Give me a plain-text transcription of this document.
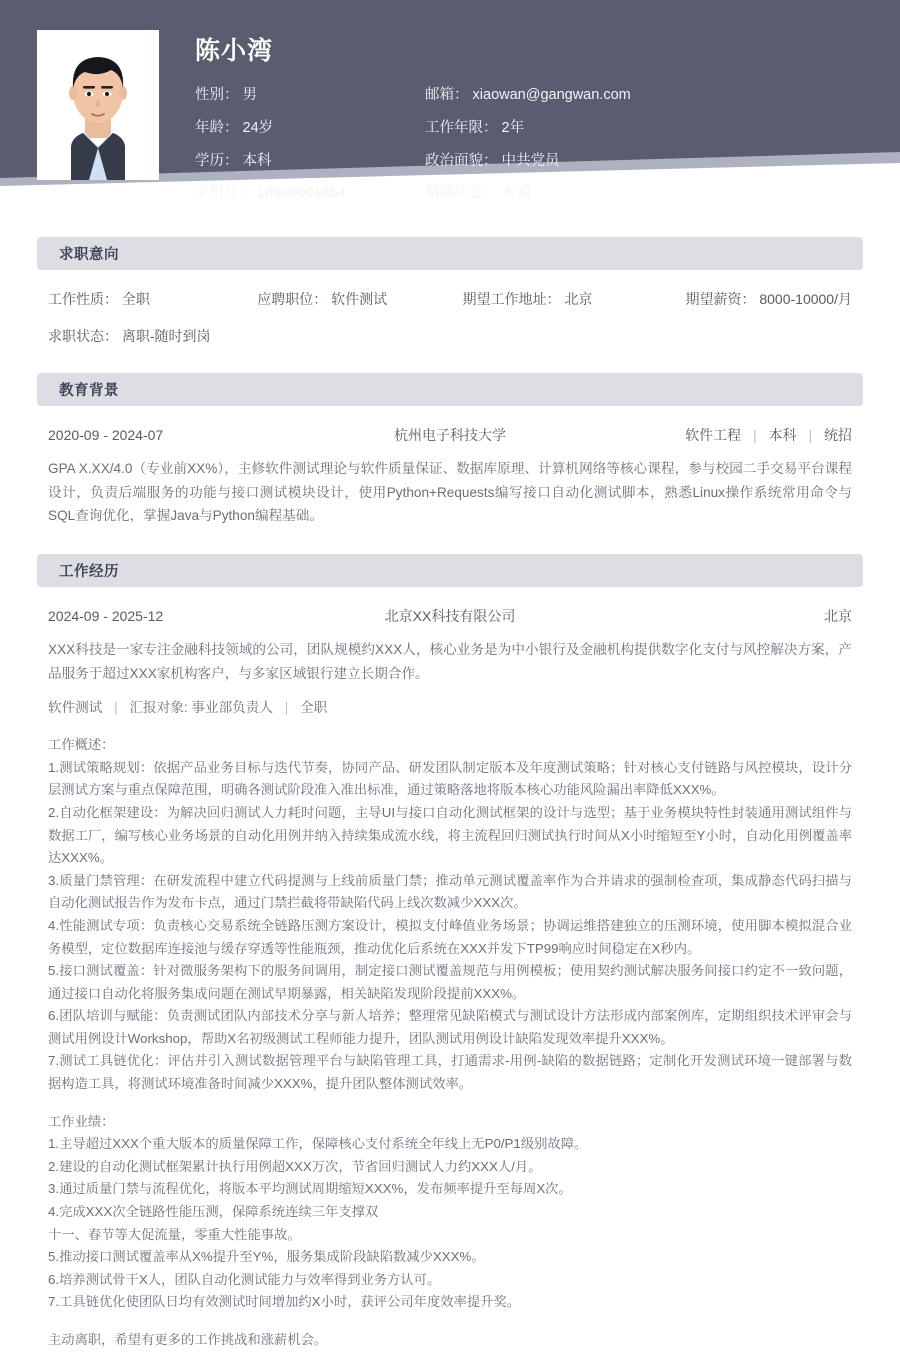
陈小湾
性别： 男	邮箱： xiaowan@gangwan.com
年龄： 24岁	工作年限： 2年
学历： 本科	政治面貌： 中共党员
手机号： 18600001654	婚姻状态： 未婚
求职意向
工作性质： 全职	应聘职位： 软件测试	期望工作地址： 北京	期望薪资： 8000-10000/月
求职状态： 离职-随时到岗
教育背景
2020-09 - 2024-07	杭州电子科技大学	软件工程 | 本科 | 统招
GPA X.XX/4.0（专业前XX%），主修软件测试理论与软件质量保证、数据库原理、计算机网络等核心课程，参与校园二手交易平台课程设计，负责后端服务的功能与接口测试模块设计，使用Python+Requests编写接口自动化测试脚本，熟悉Linux操作系统常用命令与SQL查询优化，掌握Java与Python编程基础。
工作经历
2024-09 - 2025-12	北京XX科技有限公司	北京
XXX科技是一家专注金融科技领域的公司，团队规模约XXX人，核心业务是为中小银行及金融机构提供数字化支付与风控解决方案，产品服务于超过XXX家机构客户，与多家区域银行建立长期合作。
软件测试 | 汇报对象: 事业部负责人 | 全职

工作概述：

1.测试策略规划：依据产品业务目标与迭代节奏，协同产品、研发团队制定版本及年度测试策略；针对核心支付链路与风控模块，设计分层测试方案与重点保障范围，明确各测试阶段准入准出标准，通过策略落地将版本核心功能风险漏出率降低XXX%。

2.自动化框架建设：为解决回归测试人力耗时问题，主导UI与接口自动化测试框架的设计与选型；基于业务模块特性封装通用测试组件与数据工厂，编写核心业务场景的自动化用例并纳入持续集成流水线，将主流程回归测试执行时间从X小时缩短至Y小时，自动化用例覆盖率达XXX%。

3.质量门禁管理：在研发流程中建立代码提测与上线前质量门禁；推动单元测试覆盖率作为合并请求的强制检查项，集成静态代码扫描与自动化测试报告作为发布卡点，通过门禁拦截将带缺陷代码上线次数减少XXX次。

4.性能测试专项：负责核心交易系统全链路压测方案设计，模拟支付峰值业务场景；协调运维搭建独立的压测环境，使用脚本模拟混合业务模型，定位数据库连接池与缓存穿透等性能瓶颈，推动优化后系统在XXX并发下TP99响应时间稳定在X秒内。

5.接口测试覆盖：针对微服务架构下的服务间调用，制定接口测试覆盖规范与用例模板；使用契约测试解决服务间接口约定不一致问题，通过接口自动化将服务集成问题在测试早期暴露，相关缺陷发现阶段提前XXX%。

6.团队培训与赋能：负责测试团队内部技术分享与新人培养；整理常见缺陷模式与测试设计方法形成内部案例库，定期组织技术评审会与测试用例设计Workshop，帮助X名初级测试工程师能力提升，团队测试用例设计缺陷发现效率提升XXX%。

7.测试工具链优化：评估并引入测试数据管理平台与缺陷管理工具，打通需求-用例-缺陷的数据链路；定制化开发测试环境一键部署与数据构造工具，将测试环境准备时间减少XXX%，提升团队整体测试效率。

工作业绩：

1.主导超过XXX个重大版本的质量保障工作，保障核心支付系统全年线上无P0/P1级别故障。

2.建设的自动化测试框架累计执行用例超XXX万次，节省回归测试人力约XXX人/月。

3.通过质量门禁与流程优化，将版本平均测试周期缩短XXX%，发布频率提升至每周X次。

4.完成XXX次全链路性能压测，保障系统连续三年支撑双

十一、春节等大促流量，零重大性能事故。

5.推动接口测试覆盖率从X%提升至Y%，服务集成阶段缺陷数减少XXX%。

6.培养测试骨干X人，团队自动化测试能力与效率得到业务方认可。

7.工具链优化使团队日均有效测试时间增加约X小时，获评公司年度效率提升奖。

主动离职，希望有更多的工作挑战和涨薪机会。
